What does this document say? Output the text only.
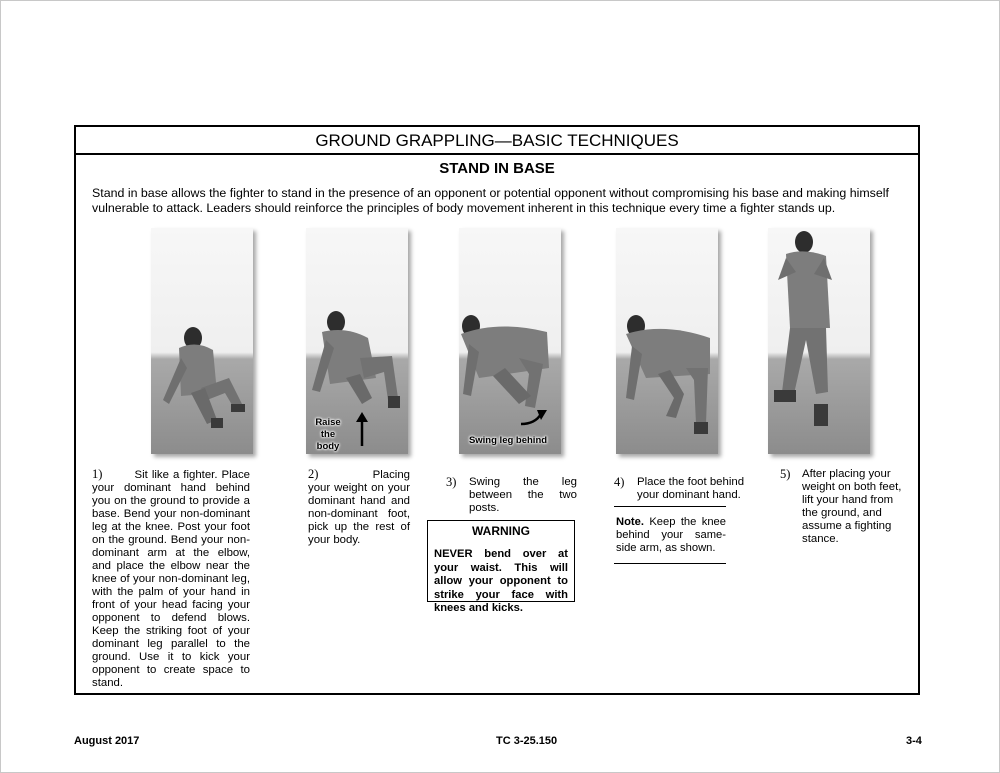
GROUND GRAPPLING—BASIC TECHNIQUES
STAND IN BASE
Stand in base allows the fighter to stand in the presence of an opponent or potential opponent without compromising his base and making himself vulnerable to attack. Leaders should reinforce the principles of body movement inherent in this technique every time a fighter stands up.
Raise
the
body
Swing leg behind
1)	Sit like a fighter. Place your dominant hand behind you on the ground to provide a base. Bend your non-dominant leg at the knee. Post your foot on the ground. Bend your non-dominant arm at the elbow, and place the elbow near the knee of your non-dominant leg, with the palm of your hand in front of your head facing your opponent to defend blows. Keep the striking foot of your dominant leg parallel to the ground. Use it to kick your opponent to create space to stand.
2)	Placing your weight on your dominant hand and non-dominant foot, pick up the rest of your body.
3) Swing the leg between the two posts.
WARNING
NEVER bend over at your waist. This will allow your opponent to strike your face with knees and kicks.
4) Place the foot behind your dominant hand.
Note. Keep the knee behind your same-side arm, as shown.
5) After placing your weight on both feet, lift your hand from the ground, and assume a fighting stance.
August 2017	TC 3-25.150	3-4
